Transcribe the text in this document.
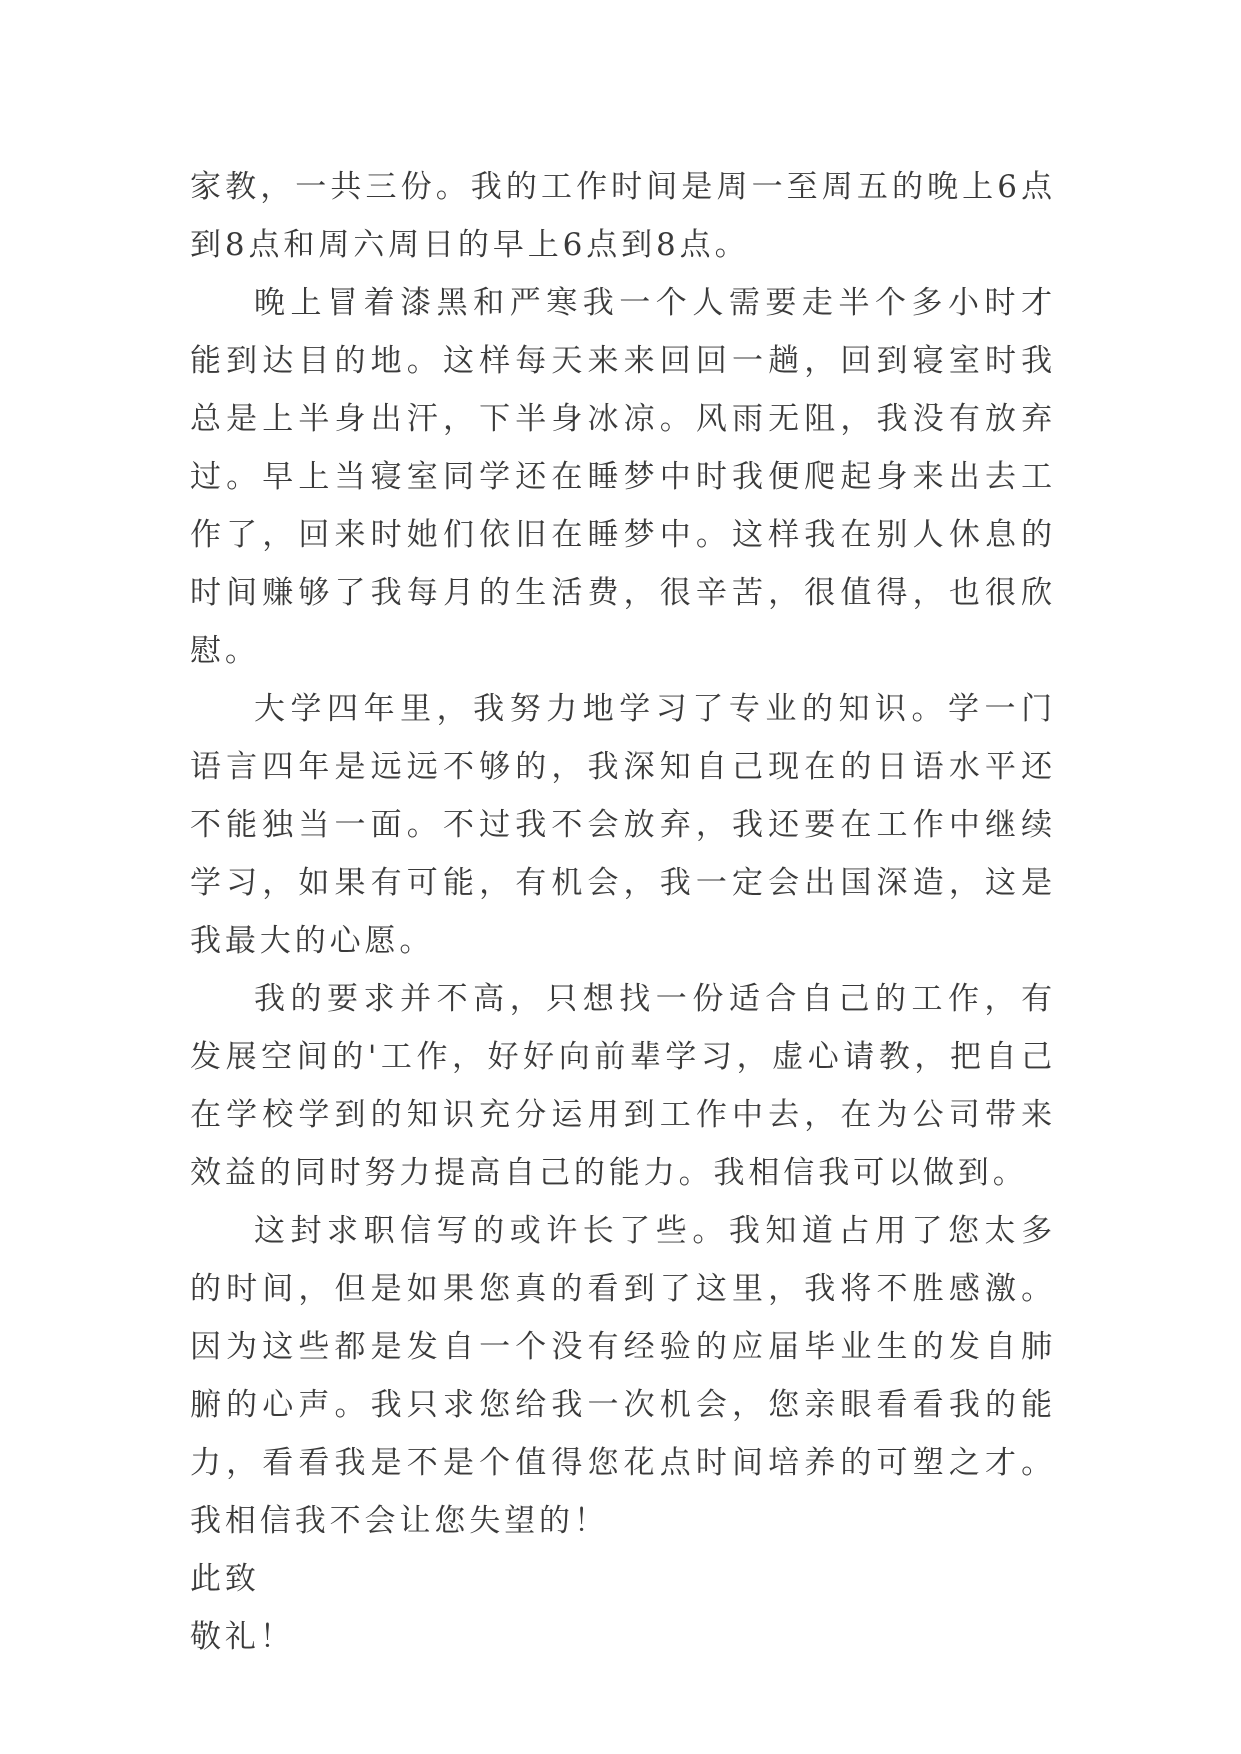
家教，一共三份。我的工作时间是周一至周五的晚上6点到8点和周六周日的早上6点到8点。

晚上冒着漆黑和严寒我一个人需要走半个多小时才能到达目的地。这样每天来来回回一趟，回到寝室时我总是上半身出汗，下半身冰凉。风雨无阻，我没有放弃过。早上当寝室同学还在睡梦中时我便爬起身来出去工作了，回来时她们依旧在睡梦中。这样我在别人休息的时间赚够了我每月的生活费，很辛苦，很值得，也很欣慰。

大学四年里，我努力地学习了专业的知识。学一门语言四年是远远不够的，我深知自己现在的日语水平还不能独当一面。不过我不会放弃，我还要在工作中继续学习，如果有可能，有机会，我一定会出国深造，这是我最大的心愿。

我的要求并不高，只想找一份适合自己的工作，有发展空间的'工作，好好向前辈学习，虚心请教，把自己在学校学到的知识充分运用到工作中去，在为公司带来效益的同时努力提高自己的能力。我相信我可以做到。

这封求职信写的或许长了些。我知道占用了您太多的时间，但是如果您真的看到了这里，我将不胜感激。因为这些都是发自一个没有经验的应届毕业生的发自肺腑的心声。我只求您给我一次机会，您亲眼看看我的能力，看看我是不是个值得您花点时间培养的可塑之才。我相信我不会让您失望的！

此致

敬礼！
